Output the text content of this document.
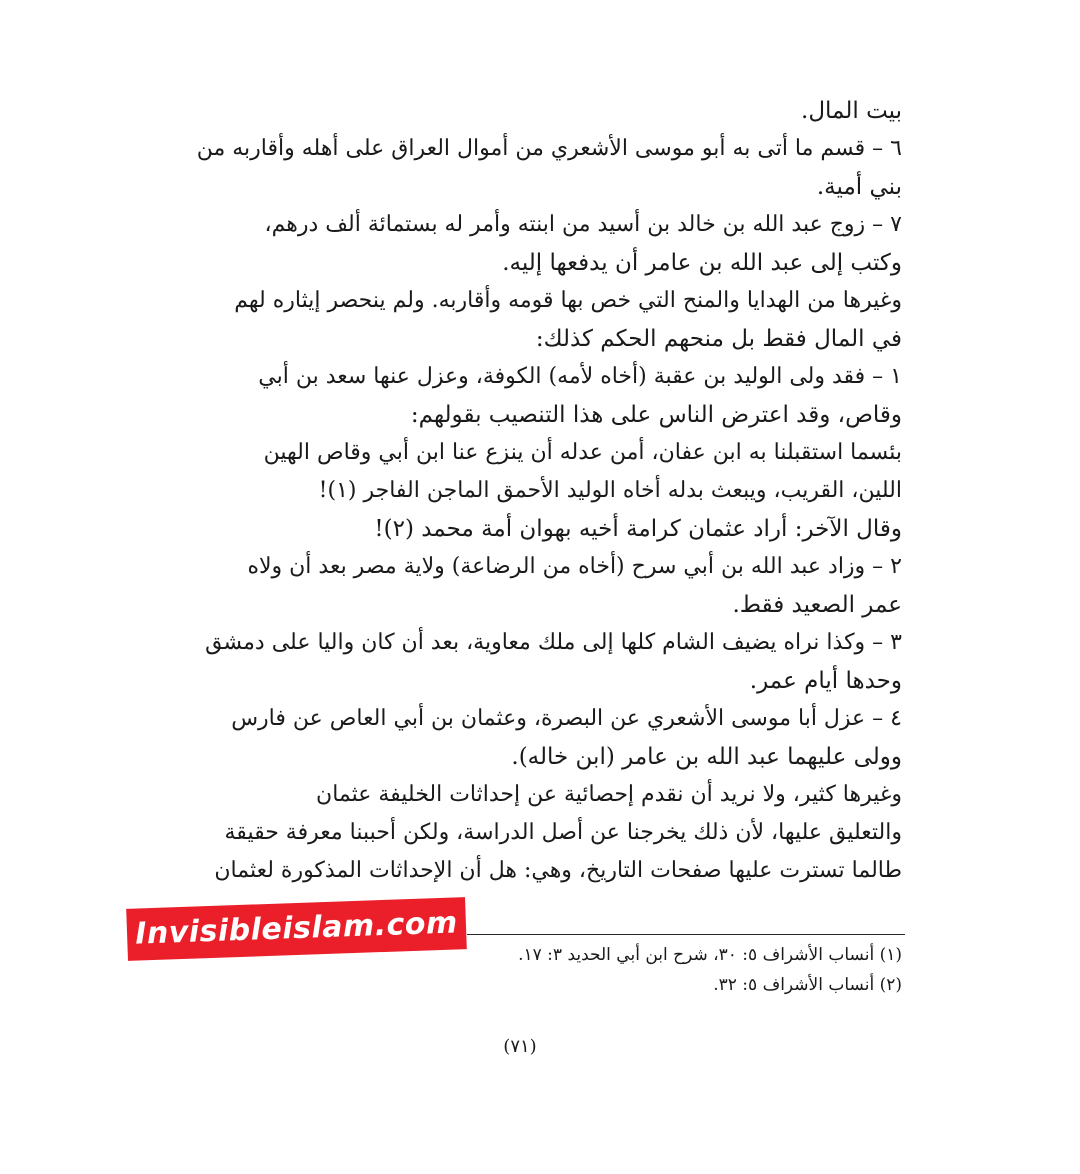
بيت المال.
٦ – قسم ما أتى به أبو موسى الأشعري من أموال العراق على أهله وأقاربه من
بني أمية.
٧ – زوج عبد الله بن خالد بن أسيد من ابنته وأمر له بستمائة ألف درهم،
وكتب إلى عبد الله بن عامر أن يدفعها إليه.
وغيرها من الهدايا والمنح التي خص بها قومه وأقاربه. ولم ينحصر إيثاره لهم
في المال فقط بل منحهم الحكم كذلك:
١ – فقد ولى الوليد بن عقبة (أخاه لأمه) الكوفة، وعزل عنها سعد بن أبي
وقاص، وقد اعترض الناس على هذا التنصيب بقولهم:
بئسما استقبلنا به ابن عفان، أمن عدله أن ينزع عنا ابن أبي وقاص الهين
اللين، القريب، ويبعث بدله أخاه الوليد الأحمق الماجن الفاجر (١)!
وقال الآخر: أراد عثمان كرامة أخيه بهوان أمة محمد (٢)!
٢ – وزاد عبد الله بن أبي سرح (أخاه من الرضاعة) ولاية مصر بعد أن ولاه
عمر الصعيد فقط.
٣ – وكذا نراه يضيف الشام كلها إلى ملك معاوية، بعد أن كان واليا على دمشق
وحدها أيام عمر.
٤ – عزل أبا موسى الأشعري عن البصرة، وعثمان بن أبي العاص عن فارس
وولى عليهما عبد الله بن عامر (ابن خاله).
وغيرها كثير، ولا نريد أن نقدم إحصائية عن إحداثات الخليفة عثمان
والتعليق عليها، لأن ذلك يخرجنا عن أصل الدراسة، ولكن أحببنا معرفة حقيقة
طالما تسترت عليها صفحات التاريخ، وهي: هل أن الإحداثات المذكورة لعثمان
Invisibleislam.com
(١) أنساب الأشراف ٥: ٣٠، شرح ابن أبي الحديد ٣: ١٧.
(٢) أنساب الأشراف ٥: ٣٢.
(٧١)
